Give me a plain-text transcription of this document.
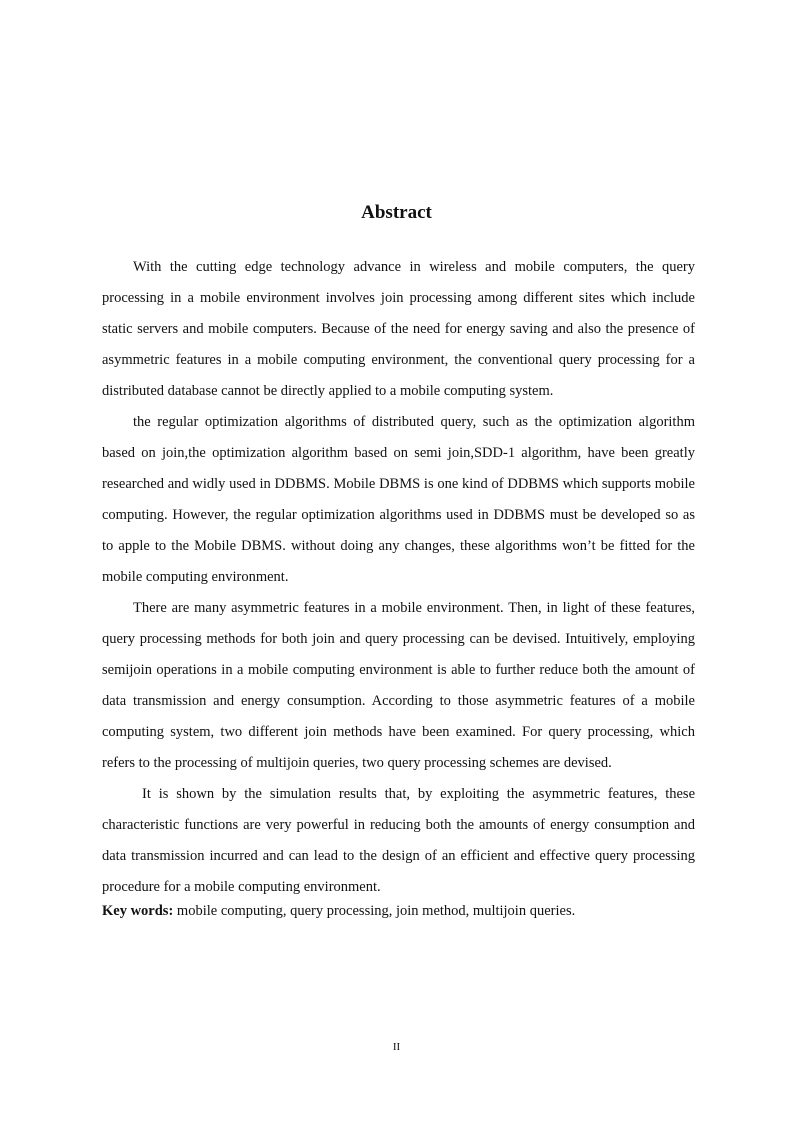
Abstract

With the cutting edge technology advance in wireless and mobile computers, the query processing in a mobile environment involves join processing among different sites which include static servers and mobile computers. Because of the need for energy saving and also the presence of asymmetric features in a mobile computing environment, the conventional query processing for a distributed database cannot be directly applied to a mobile computing system.

the regular optimization algorithms of distributed query, such as the optimization algorithm based on join,the optimization algorithm based on semi join,SDD-1 algorithm, have been greatly researched and widly used in DDBMS. Mobile DBMS is one kind of DDBMS which supports mobile computing. However, the regular optimization algorithms used in DDBMS must be developed so as to apple to the Mobile DBMS. without doing any changes, these algorithms won’t be fitted for the mobile computing environment.

There are many asymmetric features in a mobile environment. Then, in light of these features, query processing methods for both join and query processing can be devised. Intuitively, employing semijoin operations in a mobile computing environment is able to further reduce both the amount of data transmission and energy consumption. According to those asymmetric features of a mobile computing system, two different join methods have been examined. For query processing, which refers to the processing of multijoin queries, two query processing schemes are devised.

It is shown by the simulation results that, by exploiting the asymmetric features, these characteristic functions are very powerful in reducing both the amounts of energy consumption and data transmission incurred and can lead to the design of an efficient and effective query processing procedure for a mobile computing environment.

Key words: mobile computing, query processing, join method, multijoin queries.

II
